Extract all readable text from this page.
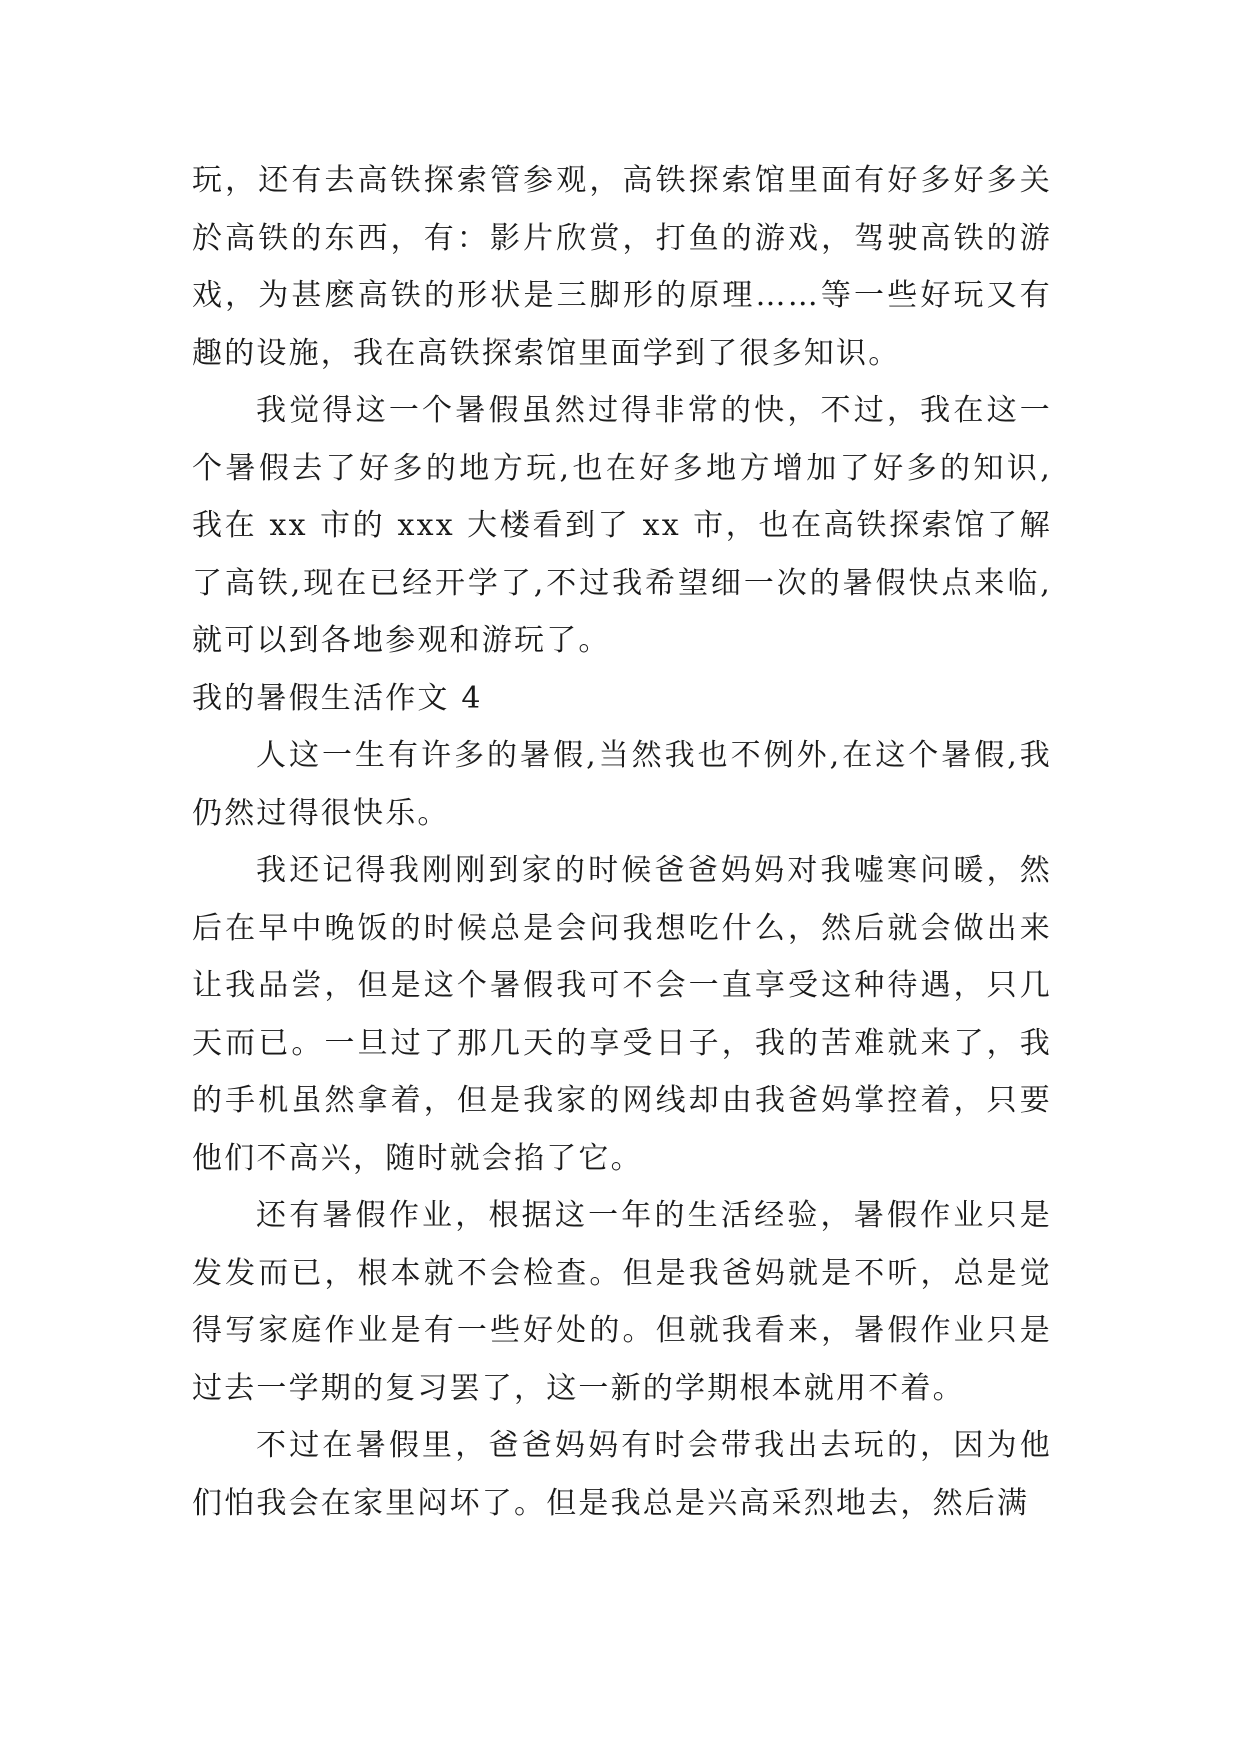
玩，还有去高铁探索管参观，高铁探索馆里面有好多好多关於高铁的东西，有：影片欣赏，打鱼的游戏，驾驶高铁的游戏，为甚麽高铁的形状是三脚形的原理……等一些好玩又有趣的设施，我在高铁探索馆里面学到了很多知识。

我觉得这一个暑假虽然过得非常的快，不过，我在这一个暑假去了好多的地方玩,也在好多地方增加了好多的知识,我在 xx 市的 xxx 大楼看到了 xx 市，也在高铁探索馆了解了高铁,现在已经开学了,不过我希望细一次的暑假快点来临,就可以到各地参观和游玩了。

我的暑假生活作文 4

人这一生有许多的暑假,当然我也不例外,在这个暑假,我仍然过得很快乐。

我还记得我刚刚到家的时候爸爸妈妈对我嘘寒问暖，然后在早中晚饭的时候总是会问我想吃什么，然后就会做出来让我品尝，但是这个暑假我可不会一直享受这种待遇，只几天而已。一旦过了那几天的享受日子，我的苦难就来了，我的手机虽然拿着，但是我家的网线却由我爸妈掌控着，只要他们不高兴，随时就会掐了它。

还有暑假作业，根据这一年的生活经验，暑假作业只是发发而已，根本就不会检查。但是我爸妈就是不听，总是觉得写家庭作业是有一些好处的。但就我看来，暑假作业只是过去一学期的复习罢了，这一新的学期根本就用不着。

不过在暑假里，爸爸妈妈有时会带我出去玩的，因为他们怕我会在家里闷坏了。但是我总是兴高采烈地去，然后满
